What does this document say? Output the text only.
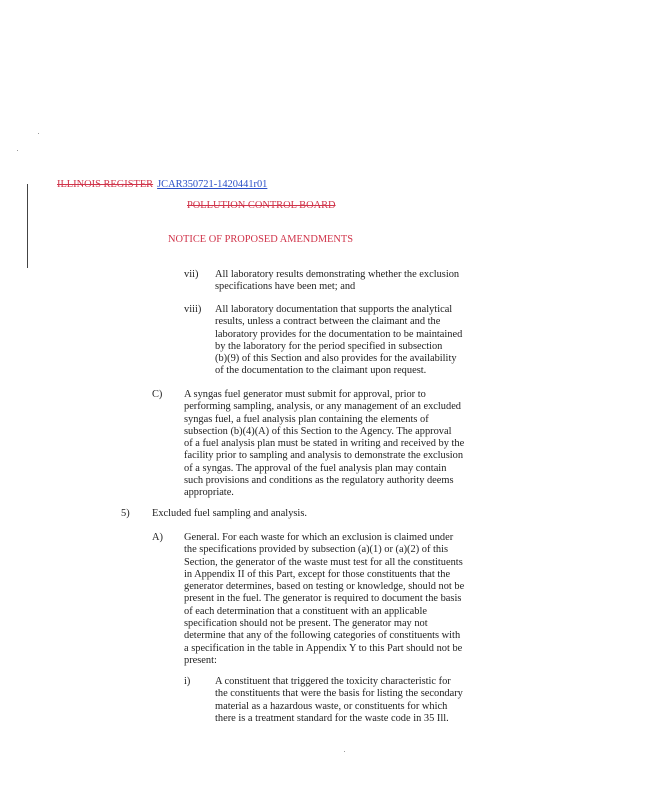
ILLINOIS REGISTER JCAR350721-1420441r01
POLLUTION CONTROL BOARD
NOTICE OF PROPOSED AMENDMENTS
vii) All laboratory results demonstrating whether the exclusion
specifications have been met; and
viii) All laboratory documentation that supports the analytical
results, unless a contract between the claimant and the
laboratory provides for the documentation to be maintained
by the laboratory for the period specified in subsection
(b)(9) of this Section and also provides for the availability
of the documentation to the claimant upon request.
C) A syngas fuel generator must submit for approval, prior to
performing sampling, analysis, or any management of an excluded
syngas fuel, a fuel analysis plan containing the elements of
subsection (b)(4)(A) of this Section to the Agency. The approval
of a fuel analysis plan must be stated in writing and received by the
facility prior to sampling and analysis to demonstrate the exclusion
of a syngas. The approval of the fuel analysis plan may contain
such provisions and conditions as the regulatory authority deems
appropriate.
5) Excluded fuel sampling and analysis.
A) General. For each waste for which an exclusion is claimed under
the specifications provided by subsection (a)(1) or (a)(2) of this
Section, the generator of the waste must test for all the constituents
in Appendix II of this Part, except for those constituents that the
generator determines, based on testing or knowledge, should not be
present in the fuel. The generator is required to document the basis
of each determination that a constituent with an applicable
specification should not be present. The generator may not
determine that any of the following categories of constituents with
a specification in the table in Appendix Y to this Part should not be
present:
i) A constituent that triggered the toxicity characteristic for
the constituents that were the basis for listing the secondary
material as a hazardous waste, or constituents for which
there is a treatment standard for the waste code in 35 Ill.
